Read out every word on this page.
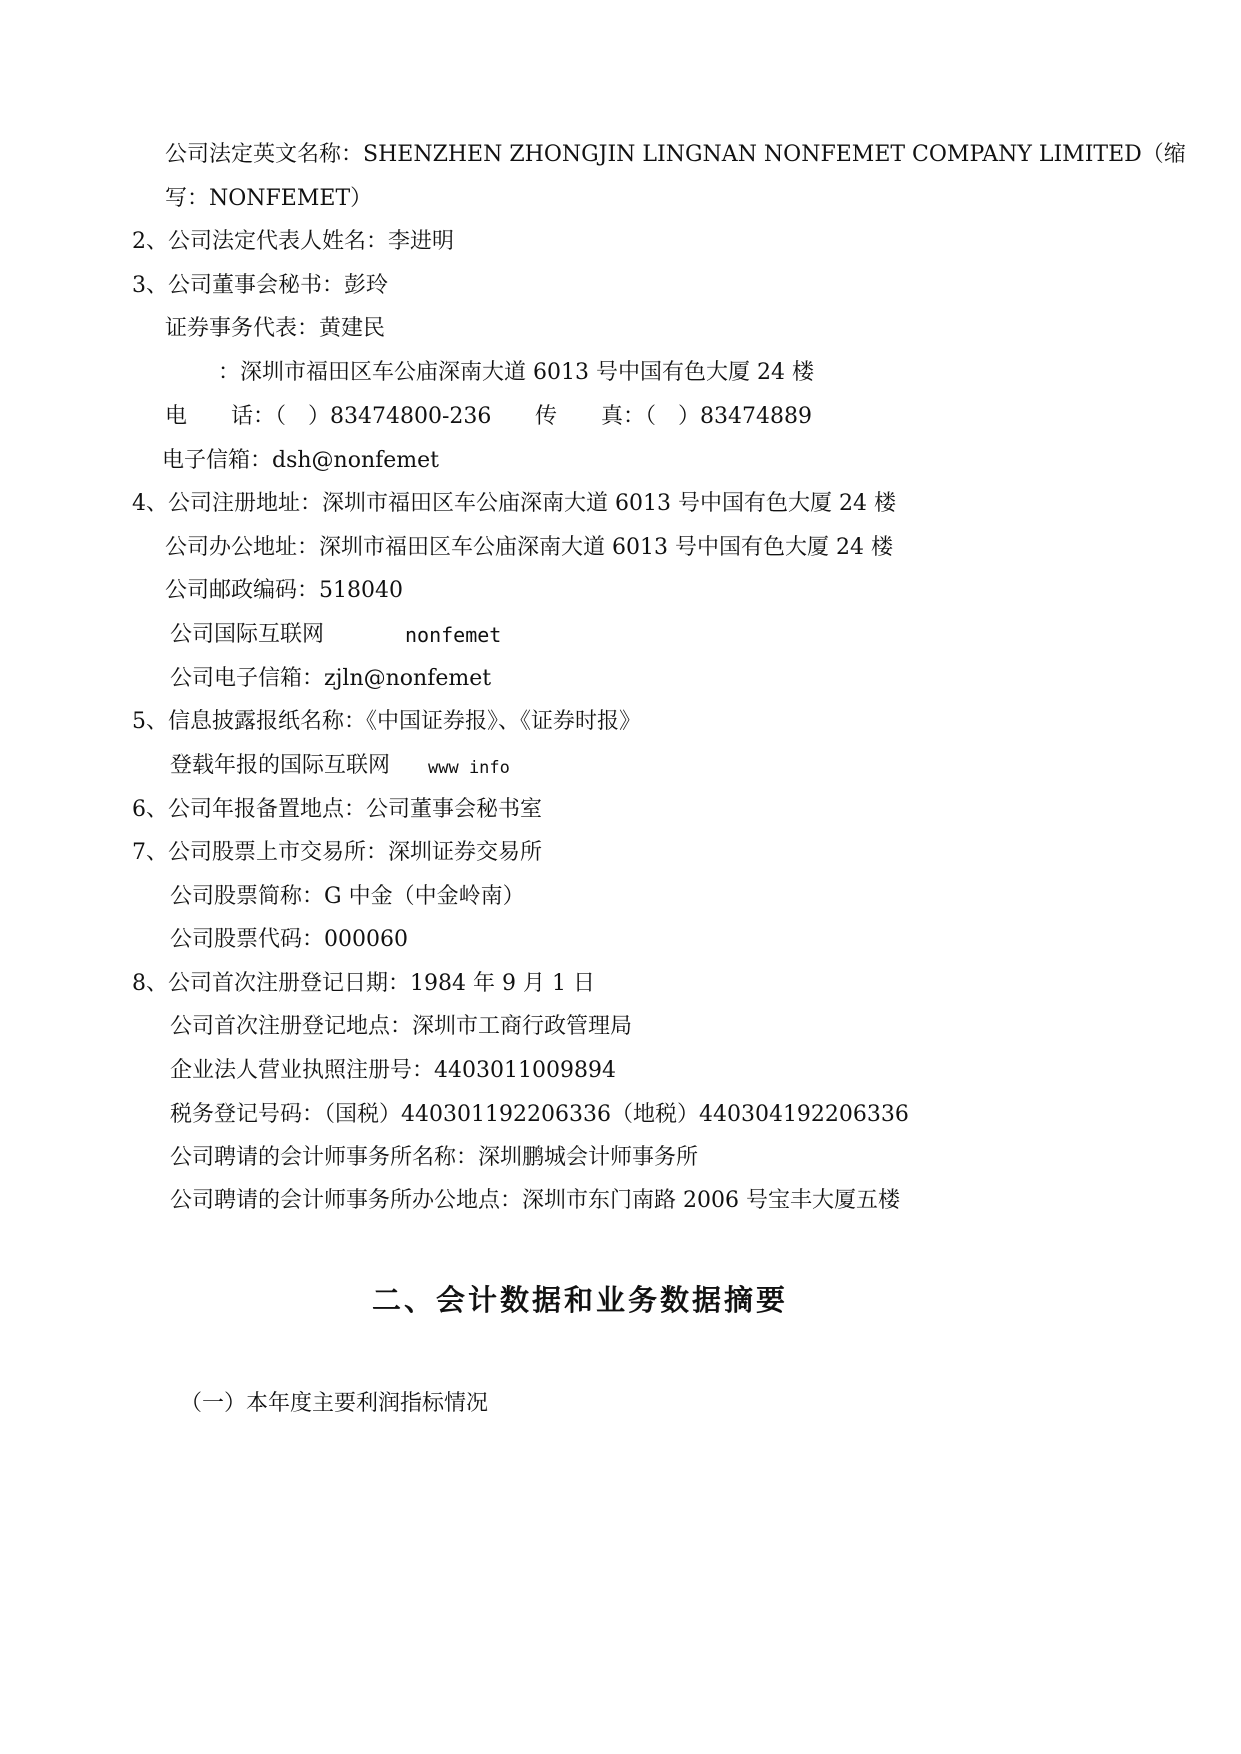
公司法定英文名称：SHENZHEN ZHONGJIN LINGNAN NONFEMET COMPANY LIMITED（缩
写：NONFEMET）
2、公司法定代表人姓名：李进明
3、公司董事会秘书：彭玲
证券事务代表：黄建民
：深圳市福田区车公庙深南大道 6013 号中国有色大厦 24 楼
电　　话：（　）83474800-236 传　　真：（　）83474889
电子信箱：dsh@nonfemet
4、公司注册地址：深圳市福田区车公庙深南大道 6013 号中国有色大厦 24 楼
公司办公地址：深圳市福田区车公庙深南大道 6013 号中国有色大厦 24 楼
公司邮政编码：518040
公司国际互联网	nonfemet
公司电子信箱：zjln@nonfemet
5、信息披露报纸名称：《中国证券报》、《证券时报》
登载年报的国际互联网 www info
6、公司年报备置地点：公司董事会秘书室
7、公司股票上市交易所：深圳证券交易所
公司股票简称：G 中金（中金岭南）
公司股票代码：000060
8、公司首次注册登记日期：1984 年 9 月 1 日
公司首次注册登记地点：深圳市工商行政管理局
企业法人营业执照注册号：4403011009894
税务登记号码：（国税）440301192206336（地税）440304192206336
公司聘请的会计师事务所名称：深圳鹏城会计师事务所
公司聘请的会计师事务所办公地点：深圳市东门南路 2006 号宝丰大厦五楼
二、会计数据和业务数据摘要
（一）本年度主要利润指标情况
